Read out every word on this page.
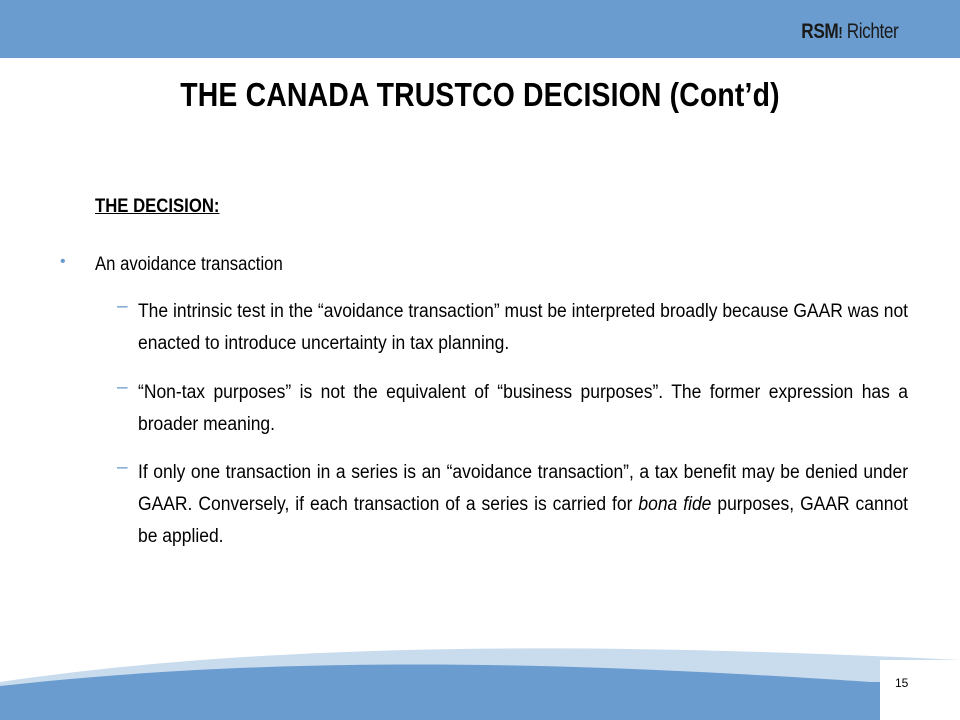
RSM! Richter
THE CANADA TRUSTCO DECISION (Cont’d)
THE DECISION:
• An avoidance transaction
– The intrinsic test in the “avoidance transaction” must be interpreted broadly because GAAR was not enacted to introduce uncertainty in tax planning.
– “Non-tax purposes” is not the equivalent of “business purposes”. The former expression has a broader meaning.
– If only one transaction in a series is an “avoidance transaction”, a tax benefit may be denied under GAAR. Conversely, if each transaction of a series is carried for bona fide purposes, GAAR cannot be applied.
15
